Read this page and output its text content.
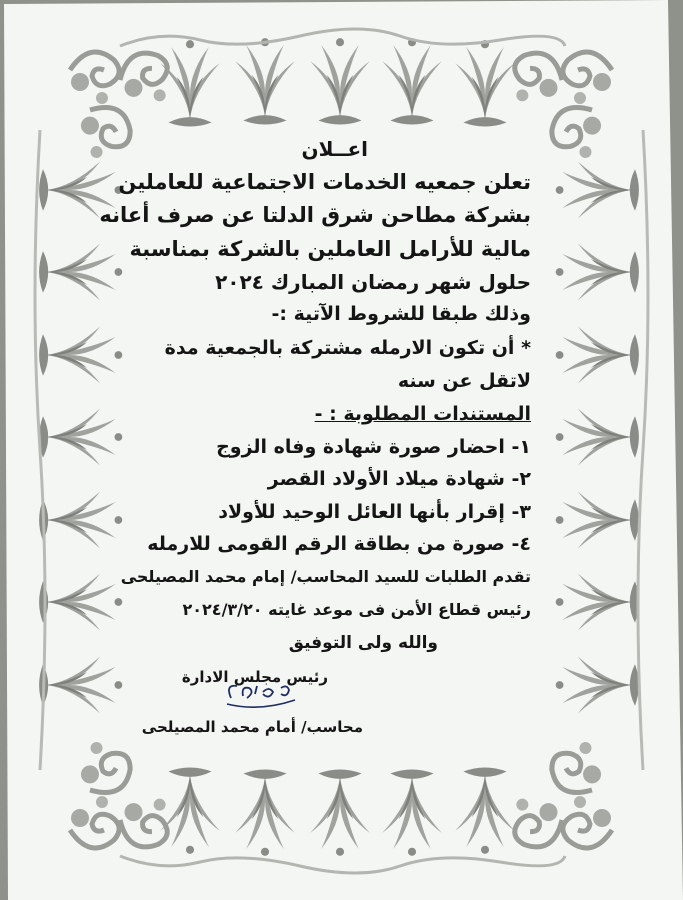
اعــلان
تعلن جمعيه الخدمات الاجتماعية للعاملين
بشركة مطاحن شرق الدلتا عن صرف أعانه
مالية للأرامل العاملين بالشركة بمناسبة
حلول شهر رمضان المبارك ٢٠٢٤
وذلك طبقا للشروط الآتية :-
* أن تكون الارمله مشتركة بالجمعية مدة
لاتقل عن سنه
المستندات المطلوبة : -
١- احضار صورة شهادة وفاه الزوج
٢- شهادة ميلاد الأولاد القصر
٣- إقرار بأنها العائل الوحيد للأولاد
٤- صورة من بطاقة الرقم القومى للارمله
تقدم الطلبات للسيد المحاسب/ إمام محمد المصيلحى
رئيس قطاع الأمن فى موعد غايته ٢٠٢٤/٣/٢٠
والله ولى التوفيق
رئيس مجلس الادارة
محاسب/ أمام محمد المصيلحى
